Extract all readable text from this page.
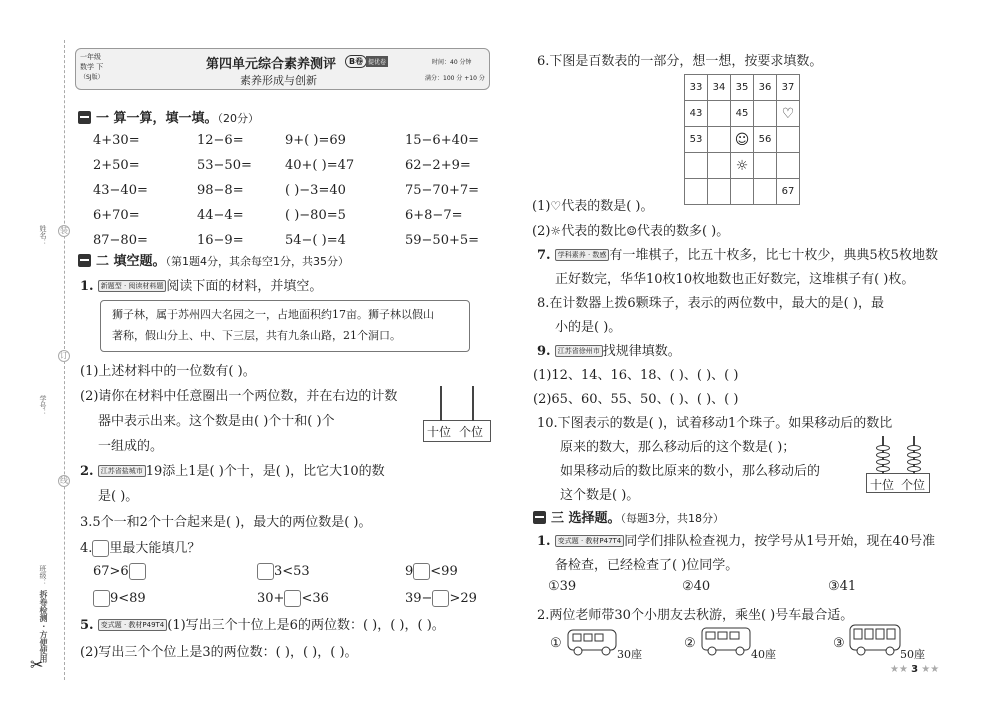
装
订
线
姓名：
学号：
班级：
拆卷检测 · 方便使用
✂
一年级
数学 下
（SJ版）
第四单元综合素养测评	B卷 提优卷
素养形成与创新
时间：40 分钟
满分：100 分 +10 分
一 算一算，填一填。（20分）
4+30=	12−6=	9+( )=69	15−6+40=
2+50=	53−50=	40+( )=47	62−2+9=
43−40=	98−8=	( )−3=40	75−70+7=
6+70=	44−4=	( )−80=5	6+8−7=
87−80=	16−9=	54−( )=4	59−50+5=
二 填空题。（第1题4分，其余每空1分，共35分）
1. 新题型 · 阅读材料题 阅读下面的材料，并填空。
狮子林，属于苏州四大名园之一，占地面积约17亩。狮子林以假山
著称，假山分上、中、下三层，共有九条山路，21个洞口。
(1)上述材料中的一位数有( )。
(2)请你在材料中任意圈出一个两位数，并在右边的计数
器中表示出来。这个数是由( )个十和( )个
一组成的。
十位 个位
2. 江苏省盐城市 19添上1是( )个十，是( )，比它大10的数
是( )。
3.5个一和2个十合起来是( )，最大的两位数是( )。
4. 里最大能填几？
67>6	3<53	9 <99
9<89	30+ <36	39− >29
5. 变式题 · 教材P49T4 (1)写出三个十位上是6的两位数：( )，( )，( )。
(2)写出三个个位上是3的两位数：( )，( )，( )。
6.下图是百数表的一部分，想一想，按要求填数。
33	34	35	36	37
43		45		♡
53		☺	56	
		☼		
				67
(1)♡代表的数是( )。
(2)☼代表的数比☺代表的数多( )。
7. 学科素养 · 数感 有一堆棋子，比五十枚多，比七十枚少，典典5枚5枚地数
正好数完，华华10枚10枚地数也正好数完，这堆棋子有( )枚。
8.在计数器上拨6颗珠子，表示的两位数中，最大的是( )，最
小的是( )。
9. 江苏省徐州市 找规律填数。
(1)12、14、16、18、( )、( )、( )
(2)65、60、55、50、( )、( )、( )
10.下图表示的数是( )，试着移动1个珠子。如果移动后的数比
原来的数大，那么移动后的这个数是( )；
如果移动后的数比原来的数小，那么移动后的
这个数是( )。
十位 个位
三 选择题。（每题3分，共18分）
1. 变式题 · 教材P47T4 同学们排队检查视力，按学号从1号开始，现在40号准
备检查，已经检查了( )位同学。
①39	②40	③41
2.两位老师带30个小朋友去秋游，乘坐( )号车最合适。
①
30座
②
40座
③
50座
★★ 3 ★★
